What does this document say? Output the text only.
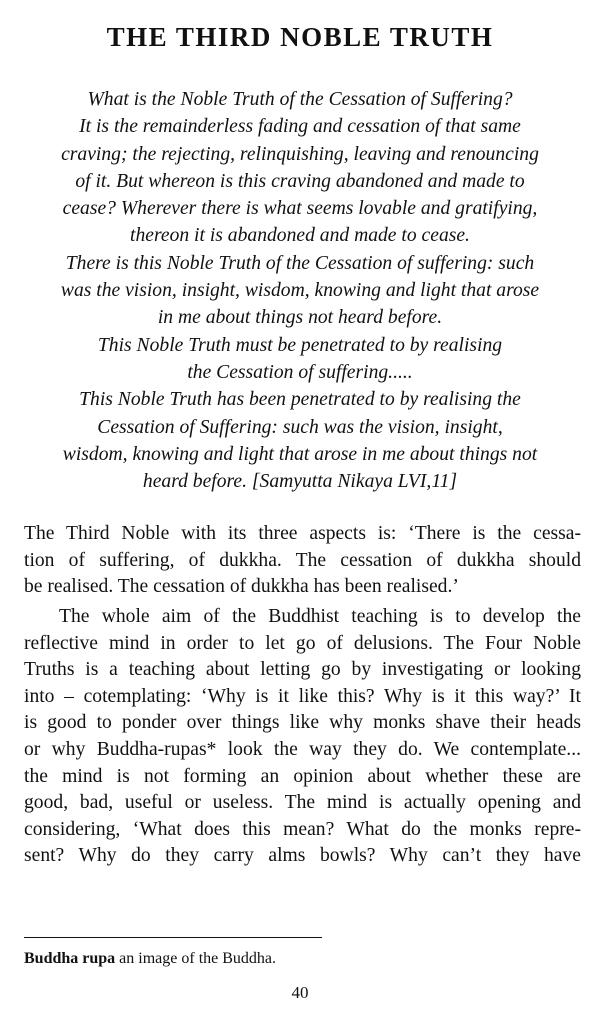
THE THIRD NOBLE TRUTH
What is the Noble Truth of the Cessation of Suffering?
It is the remainderless fading and cessation of that same
craving; the rejecting, relinquishing, leaving and renouncing
of it. But whereon is this craving abandoned and made to
cease? Wherever there is what seems lovable and gratifying,
thereon it is abandoned and made to cease.
There is this Noble Truth of the Cessation of suffering: such
was the vision, insight, wisdom, knowing and light that arose
in me about things not heard before.
This Noble Truth must be penetrated to by realising
the Cessation of suffering.....
This Noble Truth has been penetrated to by realising the
Cessation of Suffering: such was the vision, insight,
wisdom, knowing and light that arose in me about things not
heard before. [Samyutta Nikaya LVI,11]
The Third Noble with its three aspects is: ‘There is the cessa-
tion of suffering, of dukkha. The cessation of dukkha should
be realised. The cessation of dukkha has been realised.’
The whole aim of the Buddhist teaching is to develop the
reflective mind in order to let go of delusions. The Four Noble
Truths is a teaching about letting go by investigating or looking
into – cotemplating: ‘Why is it like this? Why is it this way?’ It
is good to ponder over things like why monks shave their heads
or why Buddha-rupas* look the way they do. We contemplate...
the mind is not forming an opinion about whether these are
good, bad, useful or useless. The mind is actually opening and
considering, ‘What does this mean? What do the monks repre-
sent? Why do they carry alms bowls? Why can’t they have

Buddha rupa an image of the Buddha.

40
